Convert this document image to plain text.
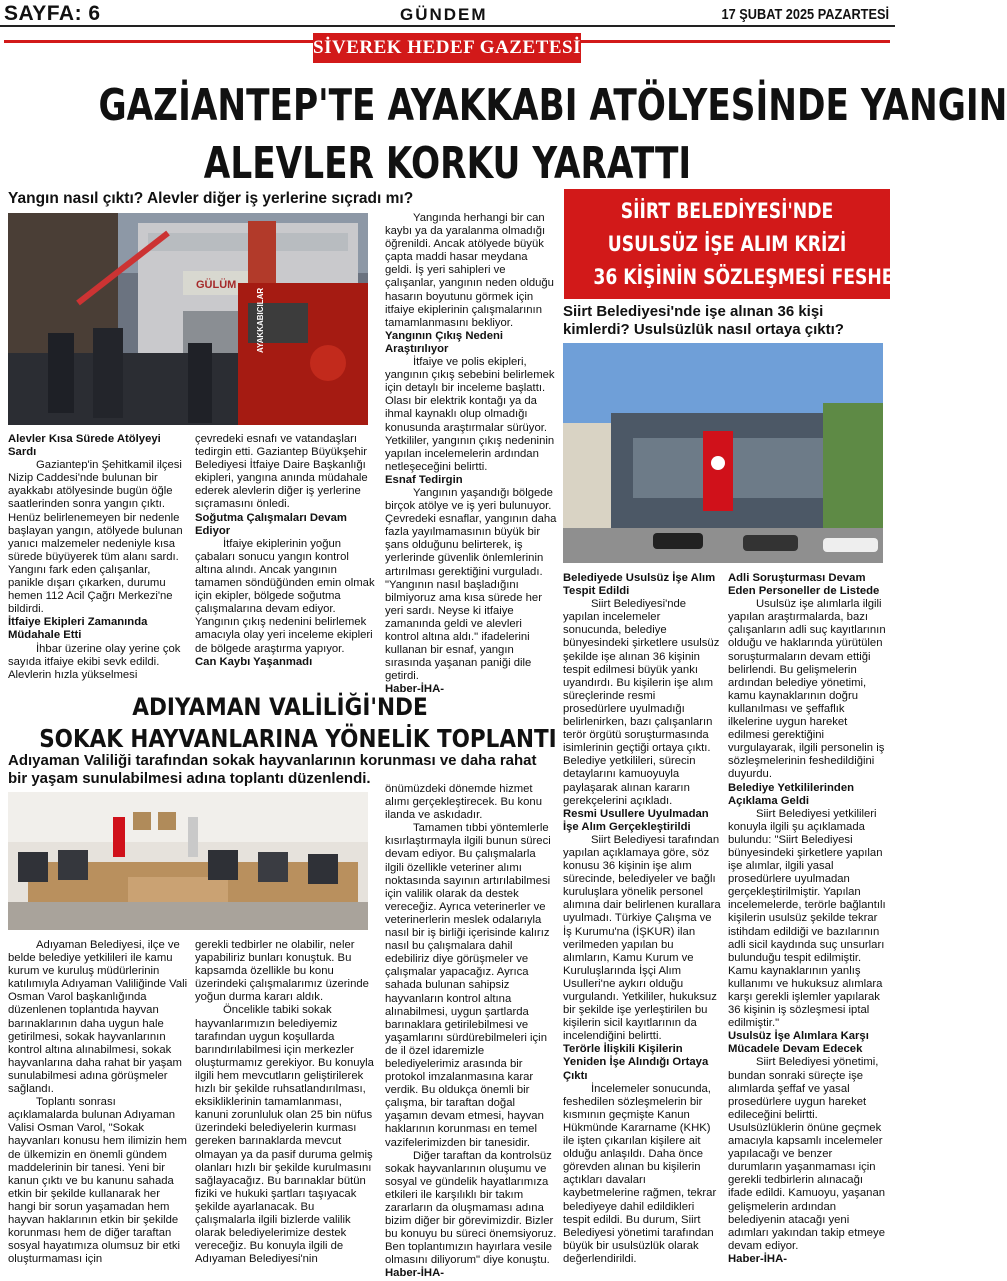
SAYFA: 6	GÜNDEM	17 ŞUBAT 2025 PAZARTESİ
SİVEREK HEDEF GAZETESİ
GAZİANTEP'TE AYAKKABI ATÖLYESİNDE YANGIN
ALEVLER KORKU YARATTI
Yangın nasıl çıktı? Alevler diğer iş yerlerine sıçradı mı?
GÜLÜM
AYAKKABICILAR

Alevler Kısa Sürede Atölyeyi Sardı

Gaziantep'in Şehitkamil ilçesi Nizip Caddesi'nde bulunan bir ayakkabı atölyesinde bugün öğle saatlerinden sonra yangın çıktı. Henüz belirlenemeyen bir nedenle başlayan yangın, atölyede bulunan yanıcı malzemeler nedeniyle kısa sürede büyüyerek tüm alanı sardı. Yangını fark eden çalışanlar, panikle dışarı çıkarken, durumu hemen 112 Acil Çağrı Merkezi'ne bildirdi.

İtfaiye Ekipleri Zamanında Müdahale Etti

İhbar üzerine olay yerine çok sayıda itfaiye ekibi sevk edildi. Alevlerin hızla yükselmesi

çevredeki esnafı ve vatandaşları tedirgin etti. Gaziantep Büyükşehir Belediyesi İtfaiye Daire Başkanlığı ekipleri, yangına anında müdahale ederek alevlerin diğer iş yerlerine sıçramasını önledi.

Soğutma Çalışmaları Devam Ediyor

İtfaiye ekiplerinin yoğun çabaları sonucu yangın kontrol altına alındı. Ancak yangının tamamen söndüğünden emin olmak için ekipler, bölgede soğutma çalışmalarına devam ediyor. Yangının çıkış nedenini belirlemek amacıyla olay yeri inceleme ekipleri de bölgede araştırma yapıyor.

Can Kaybı Yaşanmadı

Yangında herhangi bir can kaybı ya da yaralanma olmadığı öğrenildi. Ancak atölyede büyük çapta maddi hasar meydana geldi. İş yeri sahipleri ve çalışanlar, yangının neden olduğu hasarın boyutunu görmek için itfaiye ekiplerinin çalışmalarının tamamlanmasını bekliyor.

Yangının Çıkış Nedeni Araştırılıyor

İtfaiye ve polis ekipleri, yangının çıkış sebebini belirlemek için detaylı bir inceleme başlattı. Olası bir elektrik kontağı ya da ihmal kaynaklı olup olmadığı konusunda araştırmalar sürüyor. Yetkililer, yangının çıkış nedeninin yapılan incelemelerin ardından netleşeceğini belirtti.

Esnaf Tedirgin

Yangının yaşandığı bölgede birçok atölye ve iş yeri bulunuyor. Çevredeki esnaflar, yangının daha fazla yayılmamasının büyük bir şans olduğunu belirterek, iş yerlerinde güvenlik önlemlerinin artırılması gerektiğini vurguladı. "Yangının nasıl başladığını bilmiyoruz ama kısa sürede her yeri sardı. Neyse ki itfaiye zamanında geldi ve alevleri kontrol altına aldı." ifadelerini kullanan bir esnaf, yangın sırasında yaşanan paniği dile getirdi.

Haber-İHA-

SİİRT BELEDİYESİ'NDE
USULSÜZ İŞE ALIM KRİZİ
36 KİŞİNİN SÖZLEŞMESİ FESHEDİLDİ
Siirt Belediyesi'nde işe alınan 36 kişi kimlerdi? Usulsüzlük nasıl ortaya çıktı?

Belediyede Usulsüz İşe Alım Tespit Edildi

Siirt Belediyesi'nde yapılan incelemeler sonucunda, belediye bünyesindeki şirketlere usulsüz şekilde işe alınan 36 kişinin tespit edilmesi büyük yankı uyandırdı. Bu kişilerin işe alım süreçlerinde resmi prosedürlere uyulmadığı belirlenirken, bazı çalışanların terör örgütü soruşturmasında isimlerinin geçtiği ortaya çıktı. Belediye yetkilileri, sürecin detaylarını kamuoyuyla paylaşarak alınan kararın gerekçelerini açıkladı.

Resmi Usullere Uyulmadan İşe Alım Gerçekleştirildi

Siirt Belediyesi tarafından yapılan açıklamaya göre, söz konusu 36 kişinin işe alım sürecinde, belediyeler ve bağlı kuruluşlara yönelik personel alımına dair belirlenen kurallara uyulmadı. Türkiye Çalışma ve İş Kurumu'na (İŞKUR) ilan verilmeden yapılan bu alımların, Kamu Kurum ve Kuruluşlarında İşçi Alım Usulleri'ne aykırı olduğu vurgulandı. Yetkililer, hukuksuz bir şekilde işe yerleştirilen bu kişilerin sicil kayıtlarının da incelendiğini belirtti.

Terörle İlişkili Kişilerin Yeniden İşe Alındığı Ortaya Çıktı

İncelemeler sonucunda, feshedilen sözleşmelerin bir kısmının geçmişte Kanun Hükmünde Kararname (KHK) ile işten çıkarılan kişilere ait olduğu anlaşıldı. Daha önce görevden alınan bu kişilerin açtıkları davaları kaybetmelerine rağmen, tekrar belediyeye dahil edildikleri tespit edildi. Bu durum, Siirt Belediyesi yönetimi tarafından büyük bir usulsüzlük olarak değerlendirildi.

Adli Soruşturması Devam Eden Personeller de Listede

Usulsüz işe alımlarla ilgili yapılan araştırmalarda, bazı çalışanların adli suç kayıtlarının olduğu ve haklarında yürütülen soruşturmaların devam ettiği belirlendi. Bu gelişmelerin ardından belediye yönetimi, kamu kaynaklarının doğru kullanılması ve şeffaflık ilkelerine uygun hareket edilmesi gerektiğini vurgulayarak, ilgili personelin iş sözleşmelerinin feshedildiğini duyurdu.

Belediye Yetkililerinden Açıklama Geldi

Siirt Belediyesi yetkilileri konuyla ilgili şu açıklamada bulundu: "Siirt Belediyesi bünyesindeki şirketlere yapılan işe alımlar, ilgili yasal prosedürlere uyulmadan gerçekleştirilmiştir. Yapılan incelemelerde, terörle bağlantılı kişilerin usulsüz şekilde tekrar istihdam edildiği ve bazılarının adli sicil kaydında suç unsurları bulunduğu tespit edilmiştir. Kamu kaynaklarının yanlış kullanımı ve hukuksuz alımlara karşı gerekli işlemler yapılarak 36 kişinin iş sözleşmesi iptal edilmiştir."

Usulsüz İşe Alımlara Karşı Mücadele Devam Edecek

Siirt Belediyesi yönetimi, bundan sonraki süreçte işe alımlarda şeffaf ve yasal prosedürlere uygun hareket edileceğini belirtti. Usulsüzlüklerin önüne geçmek amacıyla kapsamlı incelemeler yapılacağı ve benzer durumların yaşanmaması için gerekli tedbirlerin alınacağı ifade edildi. Kamuoyu, yaşanan gelişmelerin ardından belediyenin atacağı yeni adımları yakından takip etmeye devam ediyor.

Haber-İHA-

ADIYAMAN VALİLİĞİ'NDE
SOKAK HAYVANLARINA YÖNELİK TOPLANTI
Adıyaman Valiliği tarafından sokak hayvanlarının korunması ve daha rahat bir yaşam sunulabilmesi adına toplantı düzenlendi.

Adıyaman Belediyesi, ilçe ve belde belediye yetkilileri ile kamu kurum ve kuruluş müdürlerinin katılımıyla Adıyaman Valiliğinde Vali Osman Varol başkanlığında düzenlenen toplantıda hayvan barınaklarının daha uygun hale getirilmesi, sokak hayvanlarının kontrol altına alınabilmesi, sokak hayvanlarına daha rahat bir yaşam sunulabilmesi adına görüşmeler sağlandı.

Toplantı sonrası açıklamalarda bulunan Adıyaman Valisi Osman Varol, "Sokak hayvanları konusu hem ilimizin hem de ülkemizin en önemli gündem maddelerinin bir tanesi. Yeni bir kanun çıktı ve bu kanunu sahada etkin bir şekilde kullanarak her hangi bir sorun yaşamadan hem hayvan haklarının etkin bir şekilde korunması hem de diğer taraftan sosyal hayatımıza olumsuz bir etki oluşturmaması için

gerekli tedbirler ne olabilir, neler yapabiliriz bunları konuştuk. Bu kapsamda özellikle bu konu üzerindeki çalışmalarımız üzerinde yoğun durma kararı aldık.

Öncelikle tabiki sokak hayvanlarımızın belediyemiz tarafından uygun koşullarda barındırılabilmesi için merkezler oluşturmamız gerekiyor. Bu konuyla ilgili hem mevcutların geliştirilerek hızlı bir şekilde ruhsatlandırılması, eksikliklerinin tamamlanması, kanuni zorunluluk olan 25 bin nüfus üzerindeki belediyelerin kurması gereken barınaklarda mevcut olmayan ya da pasif duruma gelmiş olanları hızlı bir şekilde kurulmasını sağlayacağız. Bu barınaklar bütün fiziki ve hukuki şartları taşıyacak şekilde ayarlanacak. Bu çalışmalarla ilgili bizlerde valilik olarak belediyelerimize destek vereceğiz. Bu konuyla ilgili de Adıyaman Belediyesi'nin

önümüzdeki dönemde hizmet alımı gerçekleştirecek. Bu konu ilanda ve askıdadır.

Tamamen tıbbi yöntemlerle kısırlaştırmayla ilgili bunun süreci devam ediyor. Bu çalışmalarla ilgili özellikle veteriner alımı noktasında sayının artırılabilmesi için valilik olarak da destek vereceğiz. Ayrıca veterinerler ve veterinerlerin meslek odalarıyla nasıl bir iş birliği içerisinde kalırız nasıl bu çalışmalara dahil edebiliriz diye görüşmeler ve çalışmalar yapacağız. Ayrıca sahada bulunan sahipsiz hayvanların kontrol altına alınabilmesi, uygun şartlarda barınaklara getirilebilmesi ve yaşamlarını sürdürebilmeleri için de il özel idaremizle belediyelerimiz arasında bir protokol imzalanmasına karar verdik. Bu oldukça önemli bir çalışma, bir taraftan doğal yaşamın devam etmesi, hayvan haklarının korunması en temel vazifelerimizden bir tanesidir.

Diğer taraftan da kontrolsüz sokak hayvanlarının oluşumu ve sosyal ve gündelik hayatlarımıza etkileri ile karşılıklı bir takım zararların da oluşmaması adına bizim diğer bir görevimizdir. Bizler bu konuyu bu süreci önemsiyoruz. Ben toplantımızın hayırlara vesile olmasını diliyorum" diye konuştu.

Haber-İHA-
